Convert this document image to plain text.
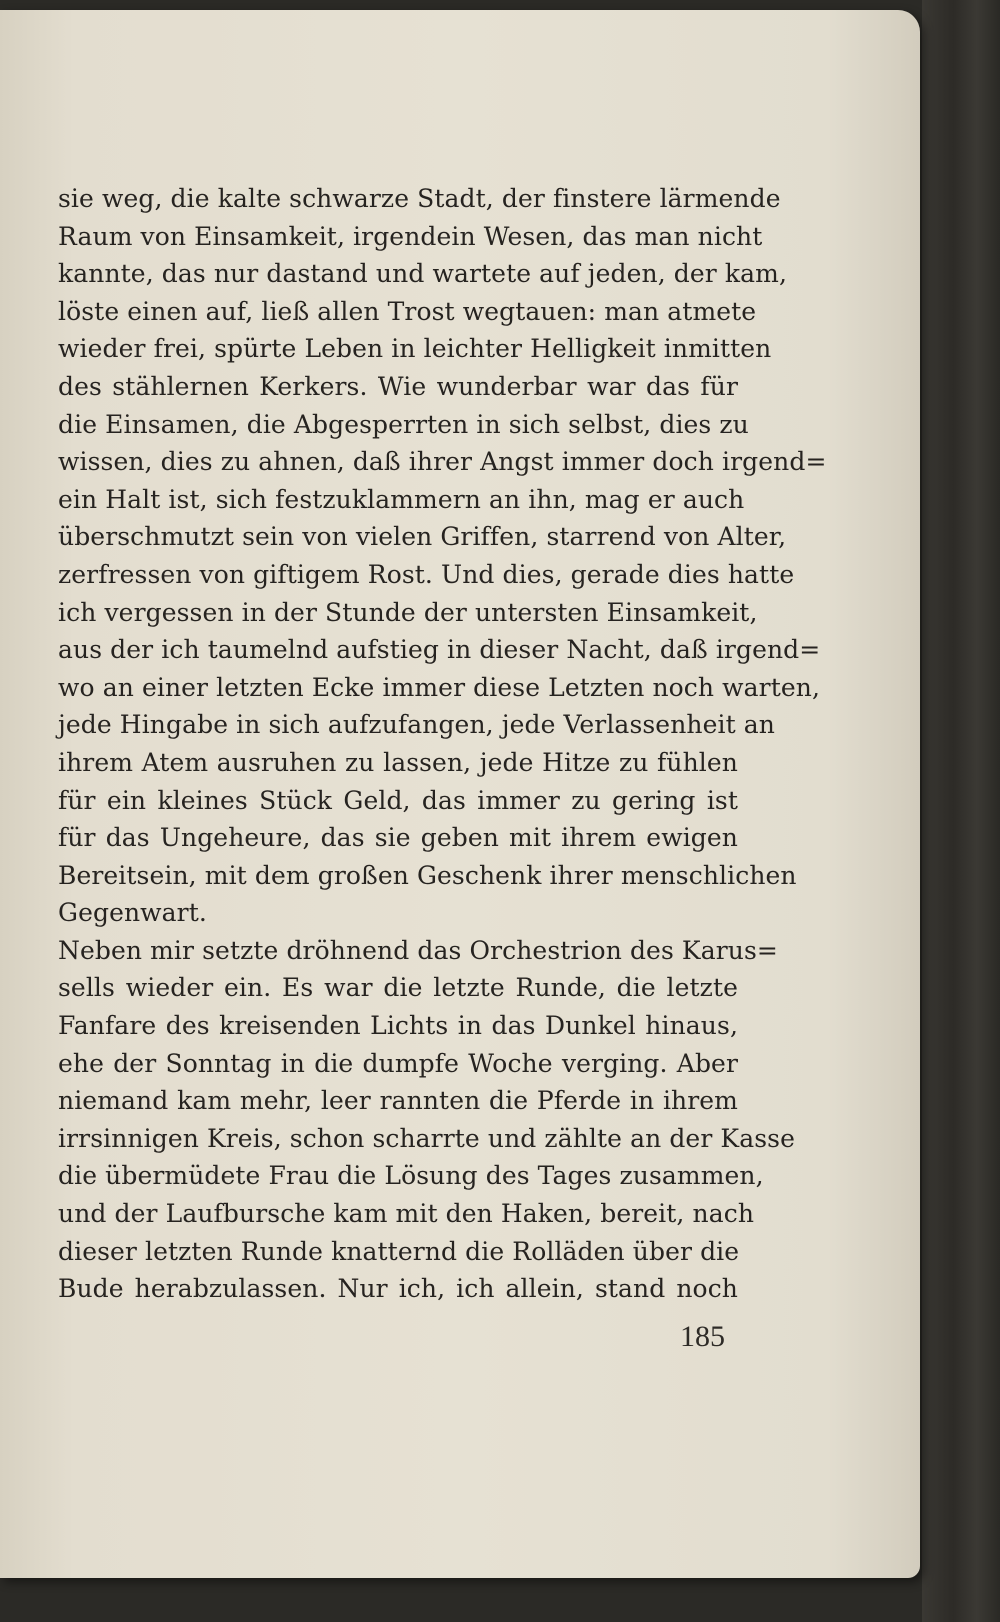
sie weg, die kalte schwarze Stadt, der finstere lärmende
Raum von Einsamkeit, irgendein Wesen, das man nicht
kannte, das nur dastand und wartete auf jeden, der kam,
löste einen auf, ließ allen Trost wegtauen: man atmete
wieder frei, spürte Leben in leichter Helligkeit inmitten
des stählernen Kerkers. Wie wunderbar war das für
die Einsamen, die Abgesperrten in sich selbst, dies zu
wissen, dies zu ahnen, daß ihrer Angst immer doch irgend=
ein Halt ist, sich festzuklammern an ihn, mag er auch
überschmutzt sein von vielen Griffen, starrend von Alter,
zerfressen von giftigem Rost. Und dies, gerade dies hatte
ich vergessen in der Stunde der untersten Einsamkeit,
aus der ich taumelnd aufstieg in dieser Nacht, daß irgend=
wo an einer letzten Ecke immer diese Letzten noch warten,
jede Hingabe in sich aufzufangen, jede Verlassenheit an
ihrem Atem ausruhen zu lassen, jede Hitze zu fühlen
für ein kleines Stück Geld, das immer zu gering ist
für das Ungeheure, das sie geben mit ihrem ewigen
Bereitsein, mit dem großen Geschenk ihrer menschlichen
Gegenwart.
Neben mir setzte dröhnend das Orchestrion des Karus=
sells wieder ein. Es war die letzte Runde, die letzte
Fanfare des kreisenden Lichts in das Dunkel hinaus,
ehe der Sonntag in die dumpfe Woche verging. Aber
niemand kam mehr, leer rannten die Pferde in ihrem
irrsinnigen Kreis, schon scharrte und zählte an der Kasse
die übermüdete Frau die Lösung des Tages zusammen,
und der Laufbursche kam mit den Haken, bereit, nach
dieser letzten Runde knatternd die Rolläden über die
Bude herabzulassen. Nur ich, ich allein, stand noch
185
